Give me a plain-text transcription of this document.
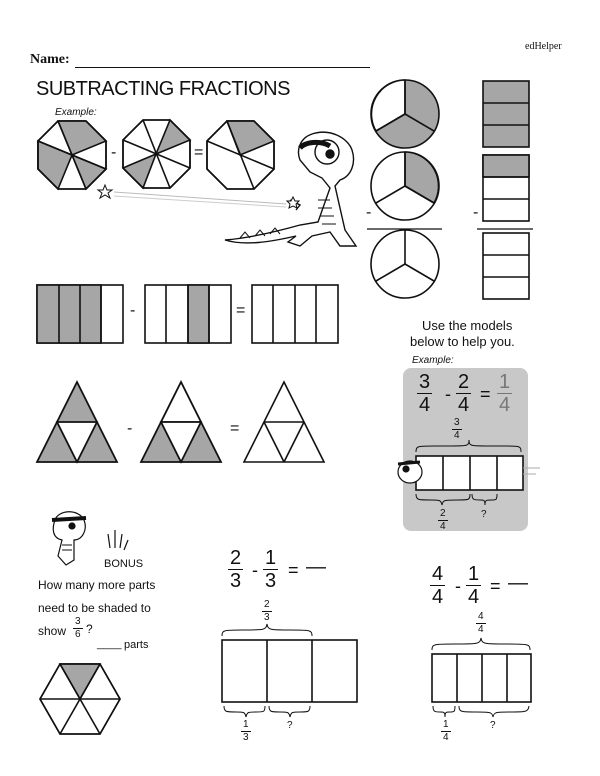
edHelper
Name:
SUBTRACTING FRACTIONS
Example:
-	=
-	-
-	=
-	=
Use the models
below to help you.
Example:
$\frac{3}{4} - \frac{2}{4} = \frac{1}{4}$
$\frac{3}{4}$
$\frac{2}{4}$	?
BONUS
How many more parts
need to be shaded to
show $\frac{3}{6}$ ?
____ parts
$\frac{2}{3} - \frac{1}{3}$ = —
$\frac{2}{3}$
$\frac{1}{3}$	?
$\frac{4}{4} - \frac{1}{4}$ = —
$\frac{4}{4}$
$\frac{1}{4}$	?
